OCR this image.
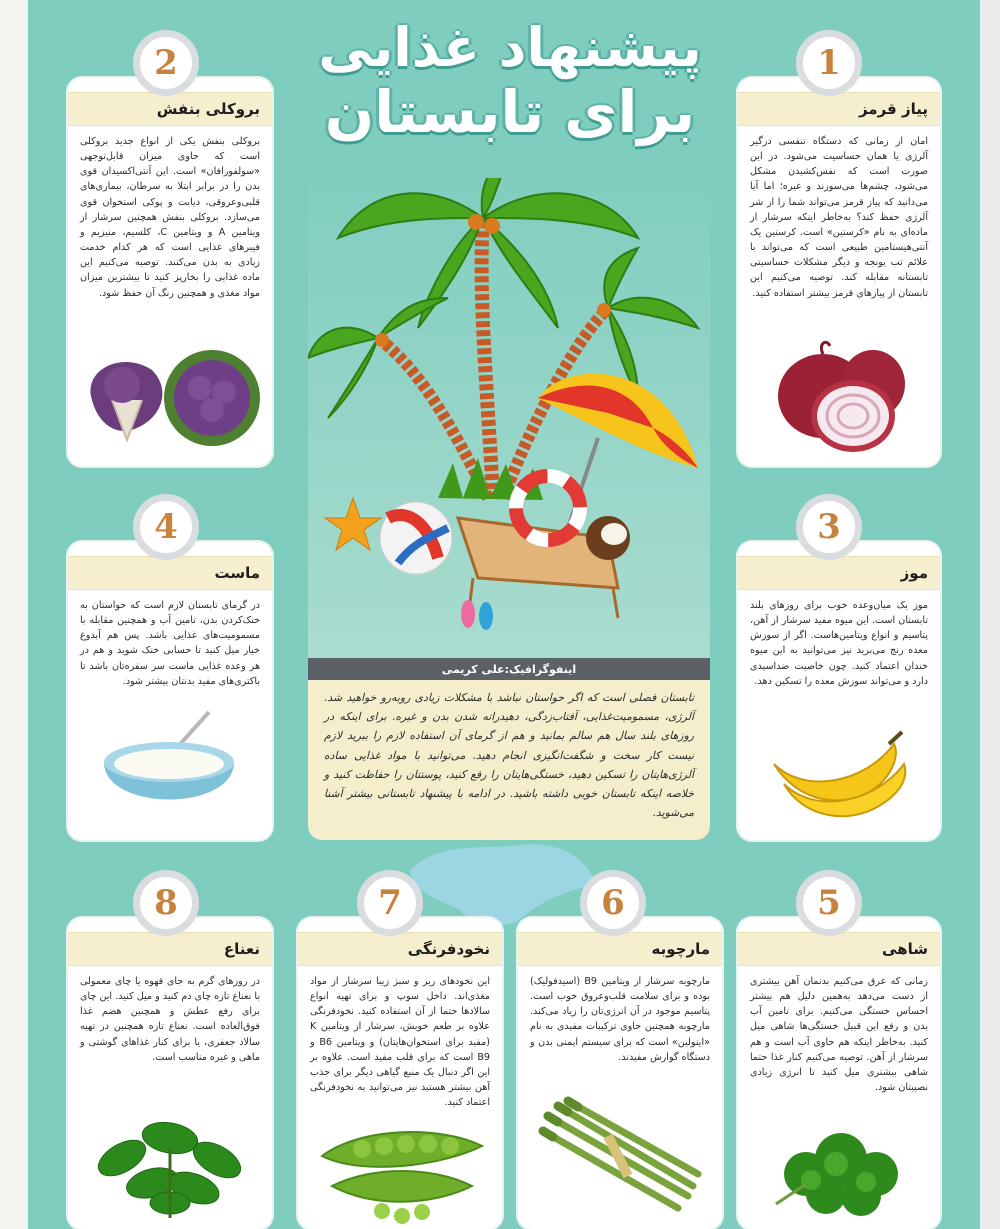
پیشنهاد غذایی
برای تابستان
اینفوگرافیک:علی کریمی
تابستان فصلی است که اگر حواستان نباشد با مشکلات زیادی روبه‌رو خواهید شد. آلرژی، مسمومیت‌غذایی، آفتاب‌زدگی، دهیدراته شدن بدن و غیره. برای اینکه در روزهای بلند سال هم سالم بمانید و هم از گرمای آن استفاده لازم را ببرید لازم نیست کار سخت و شگفت‌انگیزی انجام دهید. می‌توانید با مواد غذایی ساده آلرژی‌هایتان را تسکین دهید، خستگی‌هایتان را رفع کنید، پوستتان را حفاظت کنید و خلاصه اینکه تابستان خوبی داشته باشید. در ادامه با پیشنهاد تابستانی بیشتر آشنا می‌شوید.
پیاز قرمز
امان از زمانی که دستگاه تنفسی درگیر آلرژی یا همان حساسیت می‌شود. در این صورت است که نفس‌کشیدن مشکل می‌شود، چشم‌ها می‌سوزند و غیره؛ اما آیا می‌دانید که پیاز قرمز می‌تواند شما را از شر آلرژی حفظ کند؟ به‌خاطر اینکه سرشار از ماده‌ای به نام «کرستین» است. کرستین یک آنتی‌هیستامین طبیعی است که می‌تواند با علائم تب یونجه و دیگر مشکلات حساسیتی تابستانه مقابله کند. توصیه می‌کنیم این تابستان از پیازهای قرمز بیشتر استفاده کنید.
1
بروکلی بنفش
بروکلی بنفش یکی از انواع جدید بروکلی است که حاوی میزان قابل‌توجهی «سولفورافان» است. این آنتی‌اکسیدان قوی بدن را در برابر ابتلا به سرطان، بیماری‌های قلبی‌وعروقی، دیابت و پوکی استخوان قوی می‌سازد. بروکلی بنفش همچنین سرشار از ویتامین A و ویتامین C، کلسیم، منیزیم و فیبرهای غذایی است که هر کدام خدمت زیادی به بدن می‌کنند. توصیه می‌کنیم این ماده غذایی را بخارپز کنید تا بیشترین میزان مواد مغذی و همچنین رنگ آن حفظ شود.
2
موز
موز یک میان‌وعده خوب برای روزهای بلند تابستان است. این میوه مفید سرشار از آهن، پتاسیم و انواع ویتامین‌هاست. اگر از سوزش معده رنج می‌برید نیز می‌توانید به این میوه خندان اعتماد کنید. چون خاصیت ضداسیدی دارد و می‌تواند سوزش معده را تسکین دهد.
3
ماست
در گرمای تابستان لازم است که حواستان به خنک‌کردن بدن، تامین آب و همچنین مقابله با مسمومیت‌های غذایی باشد. پس هم آبدوغ خیار میل کنید تا حسابی خنک شوید و هم در هر وعده غذایی ماست سر سفره‌تان باشد تا باکتری‌های مفید بدنتان بیشتر شود.
4
شاهی
زمانی که عرق می‌کنیم بدنمان آهن بیشتری از دست می‌دهد به‌همین دلیل هم بیشتر احساس خستگی می‌کنیم. برای تامین آب بدن و رفع این قبیل خستگی‌ها شاهی میل کنید. به‌خاطر اینکه هم حاوی آب است و هم سرشار از آهن. توصیه می‌کنیم کنار غذا حتما شاهی بیشتری میل کنید تا انرژی زیادی نصیبتان شود.
5
مارچوبه
مارچوبه سرشار از ویتامین B9 (اسیدفولیک) بوده و برای سلامت قلب‌وعروق خوب است. پتاسیم موجود در آن انرژی‌تان را زیاد می‌کند. مارچوبه همچنین حاوی ترکیبات مفیدی به نام «اینولین» است که برای سیستم ایمنی بدن و دستگاه گوارش مفیدند.
6
نخودفرنگی
این نخودهای ریز و سبز زیبا سرشار از مواد مغذی‌اند. داخل سوپ و برای تهیه انواع سالادها حتما از آن استفاده کنید. نخودفرنگی علاوه بر طعم خوبش، سرشار از ویتامین K (مفید برای استخوان‌هایتان) و ویتامین B6 و B9 است که برای قلب مفید است. علاوه بر این اگر دنبال یک منبع گیاهی دیگر برای جذب آهن بیشتر هستید نیز می‌توانید به نخودفرنگی اعتماد کنید.
7
نعناع
در روزهای گرم به جای قهوه یا چای معمولی با نعناع تازه چای دم کنید و میل کنید. این چای برای رفع عطش و همچنین هضم غذا فوق‌العاده است. نعناع تازه همچنین در تهیه سالاد جعفری، یا برای کنار غذاهای گوشتی و ماهی و غیره مناسب است.
8
